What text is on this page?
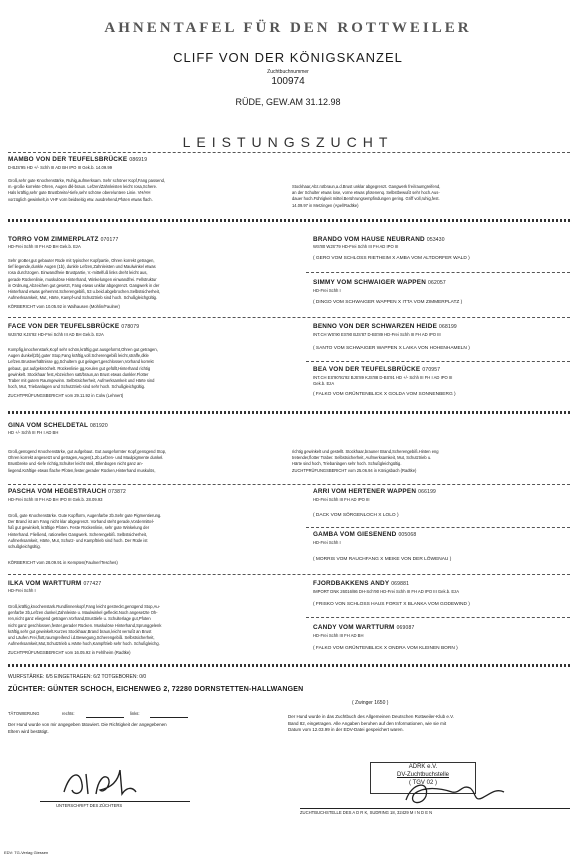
AHNENTAFEL FÜR DEN ROTTWEILER
CLIFF VON DER KÖNIGSKANZEL
Zuchtbuchnummer
100974
RÜDE, GEW.AM 31.12.98
LEISTUNGSZUCHT
MAMBO VON DER TEUFELSBRÜCKE 086919
D-BJS'95 HD +/- Schh III AD BH IPO III Gek.b. 14.09.99
Groß,sehr gute Knochenstärke, Ruhig,aufmerksam. Sehr schöner Kopf,Fang passend,
m.-große korrekte Ohren, Augen dkl-braun. Lefzen/Zahnleisten leicht rosa,Schere.
Hals kräftig,sehr gute Brustbreite/-tiefe,sehr schöne obere/untere Linie. VH/HH
vorzüglich gewinkelt,in VHF vorn beidseitig etw. ausdrehend,Pfoten etwas flach.
Stockhaar,Abz.rotbraun,a.d.Brust unklar abgegrenzt. Gangwerk frei/raumgreifend,
an der Schulter etwas lose, vorne etwas pfotenenq. Selbstbewußt sehr hoch.Aus-
dauer hoch.Führigkeit mittel.Berührungsempfindungen gering. Griff voll,ruhig,fest.
14.09.97 in Metzingen (Apel/Radtke)
TORRO VOM ZIMMERPLATZ 070177
HD-Frei Schh III FH AD BH Gek.b. EzA
Sehr groBer,gut gebauter Rüde mit typischer Kopfpartie, Ohren korrekt getragen,
tief liegende,dunkle Augen (1b), dunkle Lefzen,Zahnleisten und Maulwinkel etwas
rosa durchzogen. Einwandfreie Brustpartie, V.-mittelfuß links dreht leicht aus,
gerade Rückenlinie, muskulöse Hinterhand, Winkelungen einwandfrei. Fellstruktur
in Ordnung,Abzeichen gut gesetzt, Fang etwas unklar abgegrenzt. Gangwerk in der
Hinterhand etwas gehemmt.Scherengebiß, 53 u.beid.abgebrochen.Selbstsicherheit,
Aufmerksamkeit, Mut, Härte, Kampf-und Schutztrieb sind hoch. Schußgleichgültig.
KÖRBERICHT vom 10.05.92 in Walhausen (Mohlin/Faulner)
BRANDO VOM HAUSE NEUBRAND 053430
WS'80 WJS'79 HD-Frei Schh III FH AD IPO III
( GERO VOM SCHLOSS RIETHEIM X AMBA VOM ALTDORFER WALD )
SIMMY VOM SCHWAIGER WAPPEN 062057
HD-Frei Schh I
( DINGO VOM SCHWAIGER WAPPEN X ITTA VOM ZIMMERPLATZ )
FACE VON DER TEUFELSBRÜCKE 078079
WJS'92 KJS'92 HD-Frei Schh III AD BH Gek.b. EzA
Kompfig,knochenstark,Kopf sehr schön,kräftig,gut ausgeformt,Ohren gut getragen,
Augen dunkel(2b),guter Stop,Fang kräftig,voll.Scherengebiß leicht,straffe,dkle
Lefzen.Brustverhältnisse gg,Schultern gut gelagert,geschlossen,Vorhand korrekt
gebaut, gut aufgeknöchelt. Rückenlinie gg,Keulen gut gefüllt,Hinterhand richtig
gewinkelt. Stockhaar fest,Abzeichen satt/braun,an Brust etwas dunkler.Flotter
Traber mit gutem Raumgewinn. Selbstsicherheit, Aufmerksamkeit und Härte sind
hoch, Mut, Triebanlagen und Schutztrieb sind sehr hoch. Schußgleichgültig.
ZUCHTPRÜFUNGSBERICHT vom 29.11.92 in Colw (Lehnert)
BENNO VON DER SCHWARZEN HEIDE 068199
INT.CH WS'90 ES'90 BJS'87 D-BS'89 HD-Frei Schh III FH AD IPO III
( SANTO VOM SCHWAIGER WAPPEN X LAIKA VON HOHENHAMELN )
BEA VON DER TEUFELSBRÜCKE 070957
INT.CH ES'90'91'92 BJS'89 KJS'88 D-BS'91 HD +/- Schh III FH I AD IPO III
Gek.b. EzA
( FALKO VOM GRÜNTENBLICK X GOLDA VOM SONNENBERG )
GINA VOM SCHELDETAL 081920
HD +/- Schh III FH I AD BH
Groß,genügend Knochenstärke, gut aufgebaut. Gut ausgeformter Kopf,genügend Stop,
Ohren korrekt angesetzt und getragen,Augen(1,2b,Lefzen- und Maulpigmente dunkel.
Brustbreite und -tiefe richtig,Schulter leicht steil, Ellenbogen nicht ganz an-
liegend.Kräftige etwas flache Pfoten,fester,gerader Rücken,Hinterhand muskulös,
richtig gewinkelt und gestellt. Stockhaar,brauner Brand,Scherengebiß.Hinten eng
tretender,flotter Traber. Selbstsicherheit, Aufmerksamkeit, Mut, Schutztrieb u.
Härte sind hoch, Triebanlagen sehr hoch. Schußgleichgültig.
ZUCHTPRÜFUNGSBERICHT vom 25.06.94 in Königsbach (Radtke)
PASCHA VOM HEGESTRAUCH 073872
HD-Frei Schh III FH AD BH IPO III Gek.b. 28.09.93
Groß, gute Knochenstärke. Gute Kopfform, Augenfarbe 2b.Sehr gute Pigmentierung.
Der Brand ist am Fang nicht klar abgegrenzt. Vorhand steht gerade,Vordermittel-
fuß gut gewinkelt, kräftige Pfoten. Feste Rückenlinie, sehr gute Winkelung der
Hinterhand. Fließend, rationelles Gangwerk. Scherengebiß. Selbstsicherheit,
Aufmerksamkeit, Härte, Mut, Schutz- und Kampftrieb sind hoch. Der Rüde ist
schußgleichgültig.
KÖRBERICHT vom 28.09.91 in Kempten(Faulner/Tesches)
ARRI VOM HERTENER WAPPEN 066199
HD-Frei Schh III FH AD IPO III
( DACK VOM SÖRGENLOCH X LOLO )
GAMBA VOM GIESENEND 005068
HD-Frei Schh I
( MORRIS VOM RAUCHFANG X MEIKE VON DER LÖWENAU )
ILKA VOM WARTTURM 077427
HD-Frei Schh I
Groß,kräftig,knochenstark.Rundlinnenkopf,Fang leicht gestreckt,genügend Stop,Au-
genfarbe 3b,Lefzen dunkel,Zahnleiste u. Maulwinkel gefleckt.Noch angesetzte Oh-
ren,nicht ganz eliegend getragen.Vorhand,Brusttiefe u. Schulterlage gut,Pfoten
nicht ganz geschlossen,fester,gerader Rücken. Muskulöse Hinterhand,Sprunggelenk
kräftig,sehr gut gewinkelt.Kurzes Stockhaar,Brand braun,leicht verrußt an Brust
und Läufen.Frei,flott,raumgreifend i.d.Bewegung.Scherengebiß. Selbstsicherheit,
Aufmerksamkeit,Mut,Schutztrieb u.Härte hoch,Kampftrieb sehr hoch. Schußgleichg.
ZUCHTPRÜFUNGSBERICHT vom 16.05.92 in Fehlheim (Radtke)
FJORDBAKKENS ANDY 069881
IMPORT DNK 26016/86 DH-Sch'90 HD-Frei Schh III FH AD IPO III Gek.b. EzA
( FRISKO VON SCHLOSS HAUS FORST X BLANKA VOM GODEWIND )
CANDY VOM WARTTURM 069087
HD-Frei Schh III FH AD BH
( FALKO VOM GRÜNTENBLICK X ONDRA VOM KLEINEN BORN )
WURFSTÄRKE: 6/5 EINGETRAGEN: 6/2 TOTGEBOREN: 0/0
ZÜCHTER: GÜNTER SCHOCH, EICHENWEG 2, 72280 DORNSTETTEN-HALLWANGEN
( Zwinger 1650 )
TÄTOWIERUNG	rechts:	links:
Der Hund wurde von mir angegeben tätowiert. Die Richtigkeit der angegebenen
Eltern wird bestätigt.
Der Hund wurde in das Zuchtbuch des Allgemeinen Deutschen Rottweiler-Klub e.V.
Band 82, eingetragen. Alle Angaben beruhen auf den Informationen, wie sie mit
Datum vom 12.03.99 in der EDV-Datei gespeichert waren.
UNTERSCHRIFT DES ZÜCHTERS
ADRK e.V.
DV-Zuchtbuchstelle
( TGV 02 )
ZUCHTBUCHSTELLE DES A D R K, SUDRING 18, 32429 M I N D E N
EDV: TG-Verlag Giessen
